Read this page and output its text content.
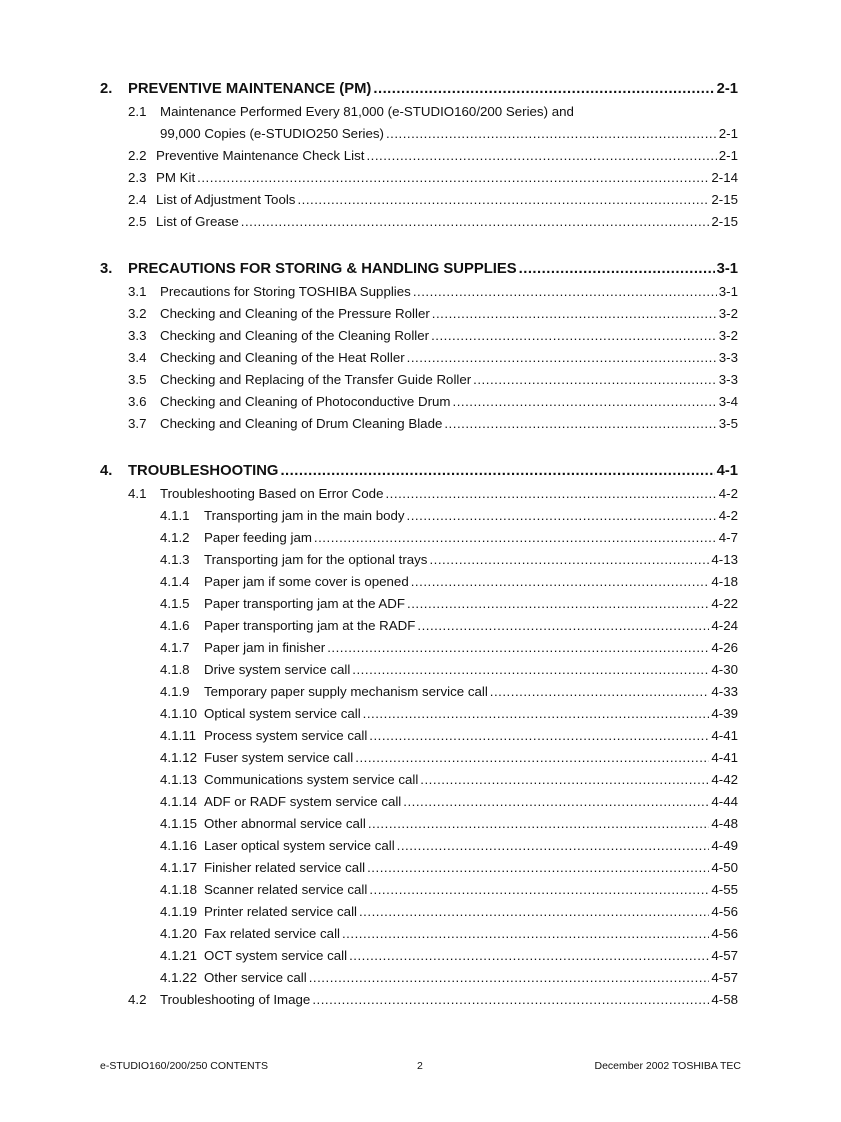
2.	PREVENTIVE MAINTENANCE (PM) .....	2-1
2.1	Maintenance Performed Every 81,000 (e-STUDIO160/200 Series) and
99,000 Copies (e-STUDIO250 Series) .....	2-1
2.2 Preventive Maintenance Check List .....	2-1
2.3 PM Kit .....	2-14
2.4 List of Adjustment Tools .....	2-15
2.5 List of Grease .....	2-15
3.	PRECAUTIONS FOR STORING & HANDLING SUPPLIES .....	3-1
3.1	Precautions for Storing TOSHIBA Supplies .....	3-1
3.2	Checking and Cleaning of the Pressure Roller .....	3-2
3.3	Checking and Cleaning of the Cleaning Roller .....	3-2
3.4	Checking and Cleaning of the Heat Roller .....	3-3
3.5	Checking and Replacing of the Transfer Guide Roller .....	3-3
3.6	Checking and Cleaning of Photoconductive Drum .....	3-4
3.7	Checking and Cleaning of Drum Cleaning Blade .....	3-5
4.	TROUBLESHOOTING .....	4-1
4.1	Troubleshooting Based on Error Code .....	4-2
4.1.1	Transporting jam in the main body .....	4-2
4.1.2	Paper feeding jam .....	4-7
4.1.3	Transporting jam for the optional trays .....	4-13
4.1.4	Paper jam if some cover is opened .....	4-18
4.1.5	Paper transporting jam at the ADF .....	4-22
4.1.6	Paper transporting jam at the RADF .....	4-24
4.1.7	Paper jam in finisher .....	4-26
4.1.8	Drive system service call .....	4-30
4.1.9	Temporary paper supply mechanism service call .....	4-33
4.1.10 Optical system service call .....	4-39
4.1.11 Process system service call .....	4-41
4.1.12 Fuser system service call .....	4-41
4.1.13 Communications system service call .....	4-42
4.1.14 ADF or RADF system service call .....	4-44
4.1.15 Other abnormal service call .....	4-48
4.1.16 Laser optical system service call .....	4-49
4.1.17 Finisher related service call .....	4-50
4.1.18 Scanner related service call .....	4-55
4.1.19 Printer related service call .....	4-56
4.1.20 Fax related service call .....	4-56
4.1.21 OCT system service call .....	4-57
4.1.22 Other service call .....	4-57
4.2	Troubleshooting of Image .....	4-58
e-STUDIO160/200/250 CONTENTS	2	December 2002 TOSHIBA TEC
